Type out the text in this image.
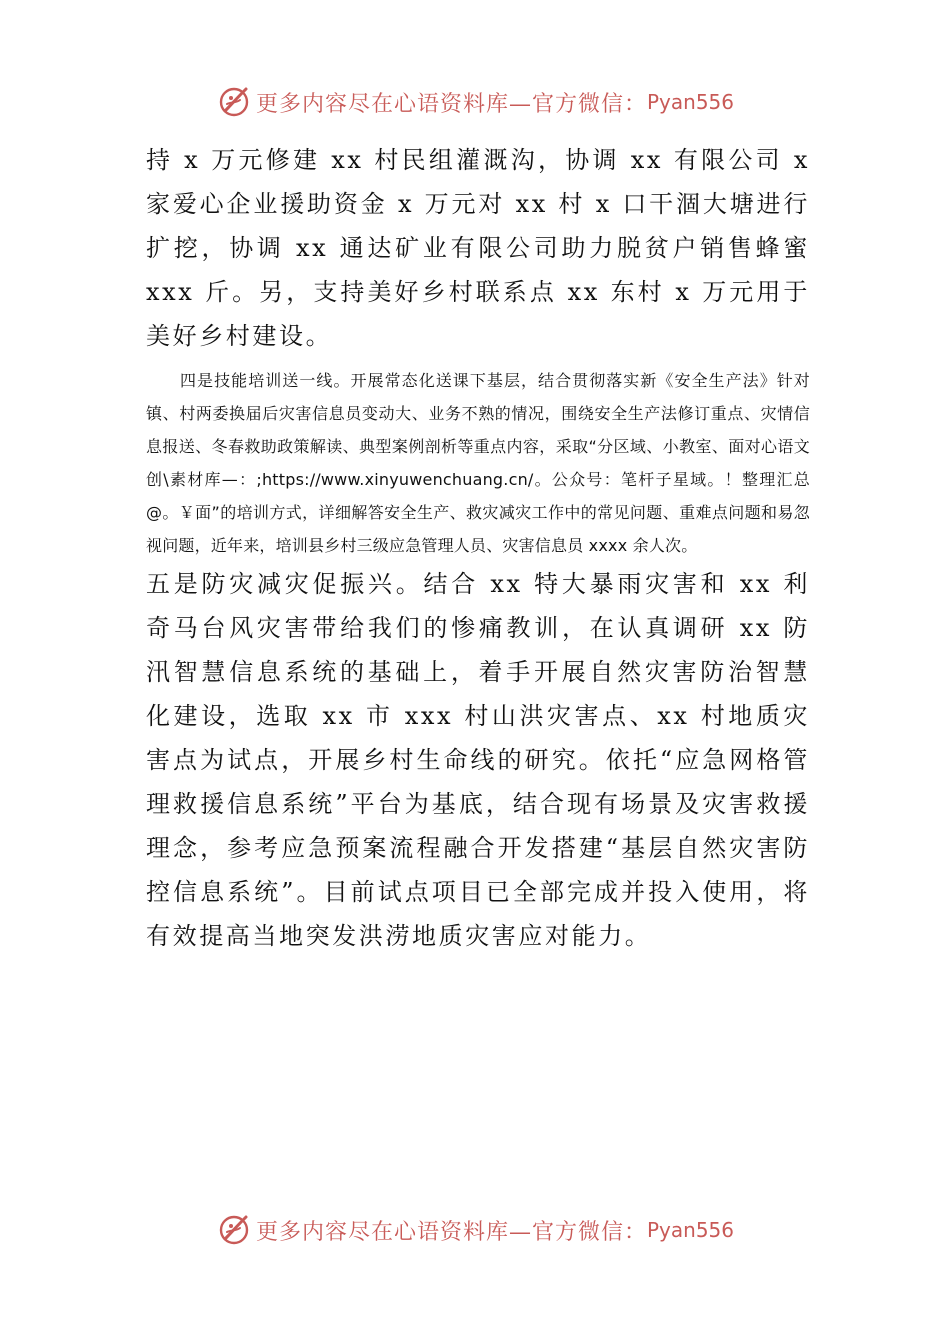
更多内容尽在心语资料库—官方微信： Pyan556

持 x 万元修建 xx 村民组灌溉沟，协调 xx 有限公司 x 家爱心企业援助资金 x 万元对 xx 村 x 口干涸大塘进行扩挖，协调 xx 通达矿业有限公司助力脱贫户销售蜂蜜 xxx 斤。另，支持美好乡村联系点 xx 东村 x 万元用于美好乡村建设。

四是技能培训送一线。开展常态化送课下基层，结合贯彻落实新《安全生产法》针对镇、村两委换届后灾害信息员变动大、业务不熟的情况，围绕安全生产法修订重点、灾情信息报送、冬春救助政策解读、典型案例剖析等重点内容，采取“分区域、小教室、面对心语文创\素材库—：;https://www.xinyuwenchuang.cn/。公众号：笔杆子星域。！整理汇总@。￥面”的培训方式，详细解答安全生产、救灾减灾工作中的常见问题、重难点问题和易忽视问题，近年来，培训县乡村三级应急管理人员、灾害信息员 xxxx 余人次。

五是防灾减灾促振兴。结合 xx 特大暴雨灾害和 xx 利奇马台风灾害带给我们的惨痛教训，在认真调研 xx 防汛智慧信息系统的基础上，着手开展自然灾害防治智慧化建设，选取 xx 市 xxx 村山洪灾害点、xx 村地质灾害点为试点，开展乡村生命线的研究。依托“应急网格管理救援信息系统”平台为基底，结合现有场景及灾害救援理念，参考应急预案流程融合开发搭建“基层自然灾害防控信息系统”。目前试点项目已全部完成并投入使用，将有效提高当地突发洪涝地质灾害应对能力。

更多内容尽在心语资料库—官方微信： Pyan556
